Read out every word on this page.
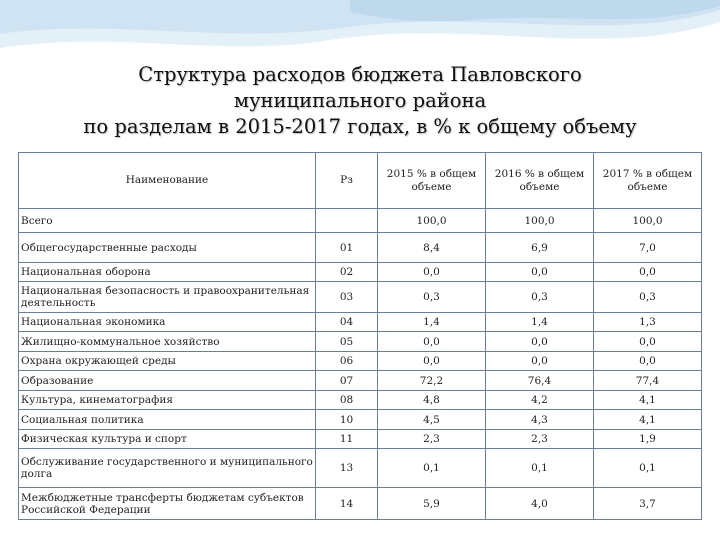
Структура расходов бюджета Павловского
муниципального района
по разделам в 2015-2017 годах, в % к общему объему
Наименование	Рз	2015 % в общем объеме	2016 % в общем объеме	2017 % в общем объеме
Всего		100,0	100,0	100,0
Общегосударственные расходы	01	8,4	6,9	7,0
Национальная оборона	02	0,0	0,0	0,0
Национальная безопасность и правоохранительная деятельность	03	0,3	0,3	0,3
Национальная экономика	04	1,4	1,4	1,3
Жилищно-коммунальное хозяйство	05	0,0	0,0	0,0
Охрана окружающей среды	06	0,0	0,0	0,0
Образование	07	72,2	76,4	77,4
Культура, кинематография	08	4,8	4,2	4,1
Социальная политика	10	4,5	4,3	4,1
Физическая культура и спорт	11	2,3	2,3	1,9
Обслуживание государственного и муниципального долга	13	0,1	0,1	0,1
Межбюджетные трансферты бюджетам субъектов Российской Федерации	14	5,9	4,0	3,7
